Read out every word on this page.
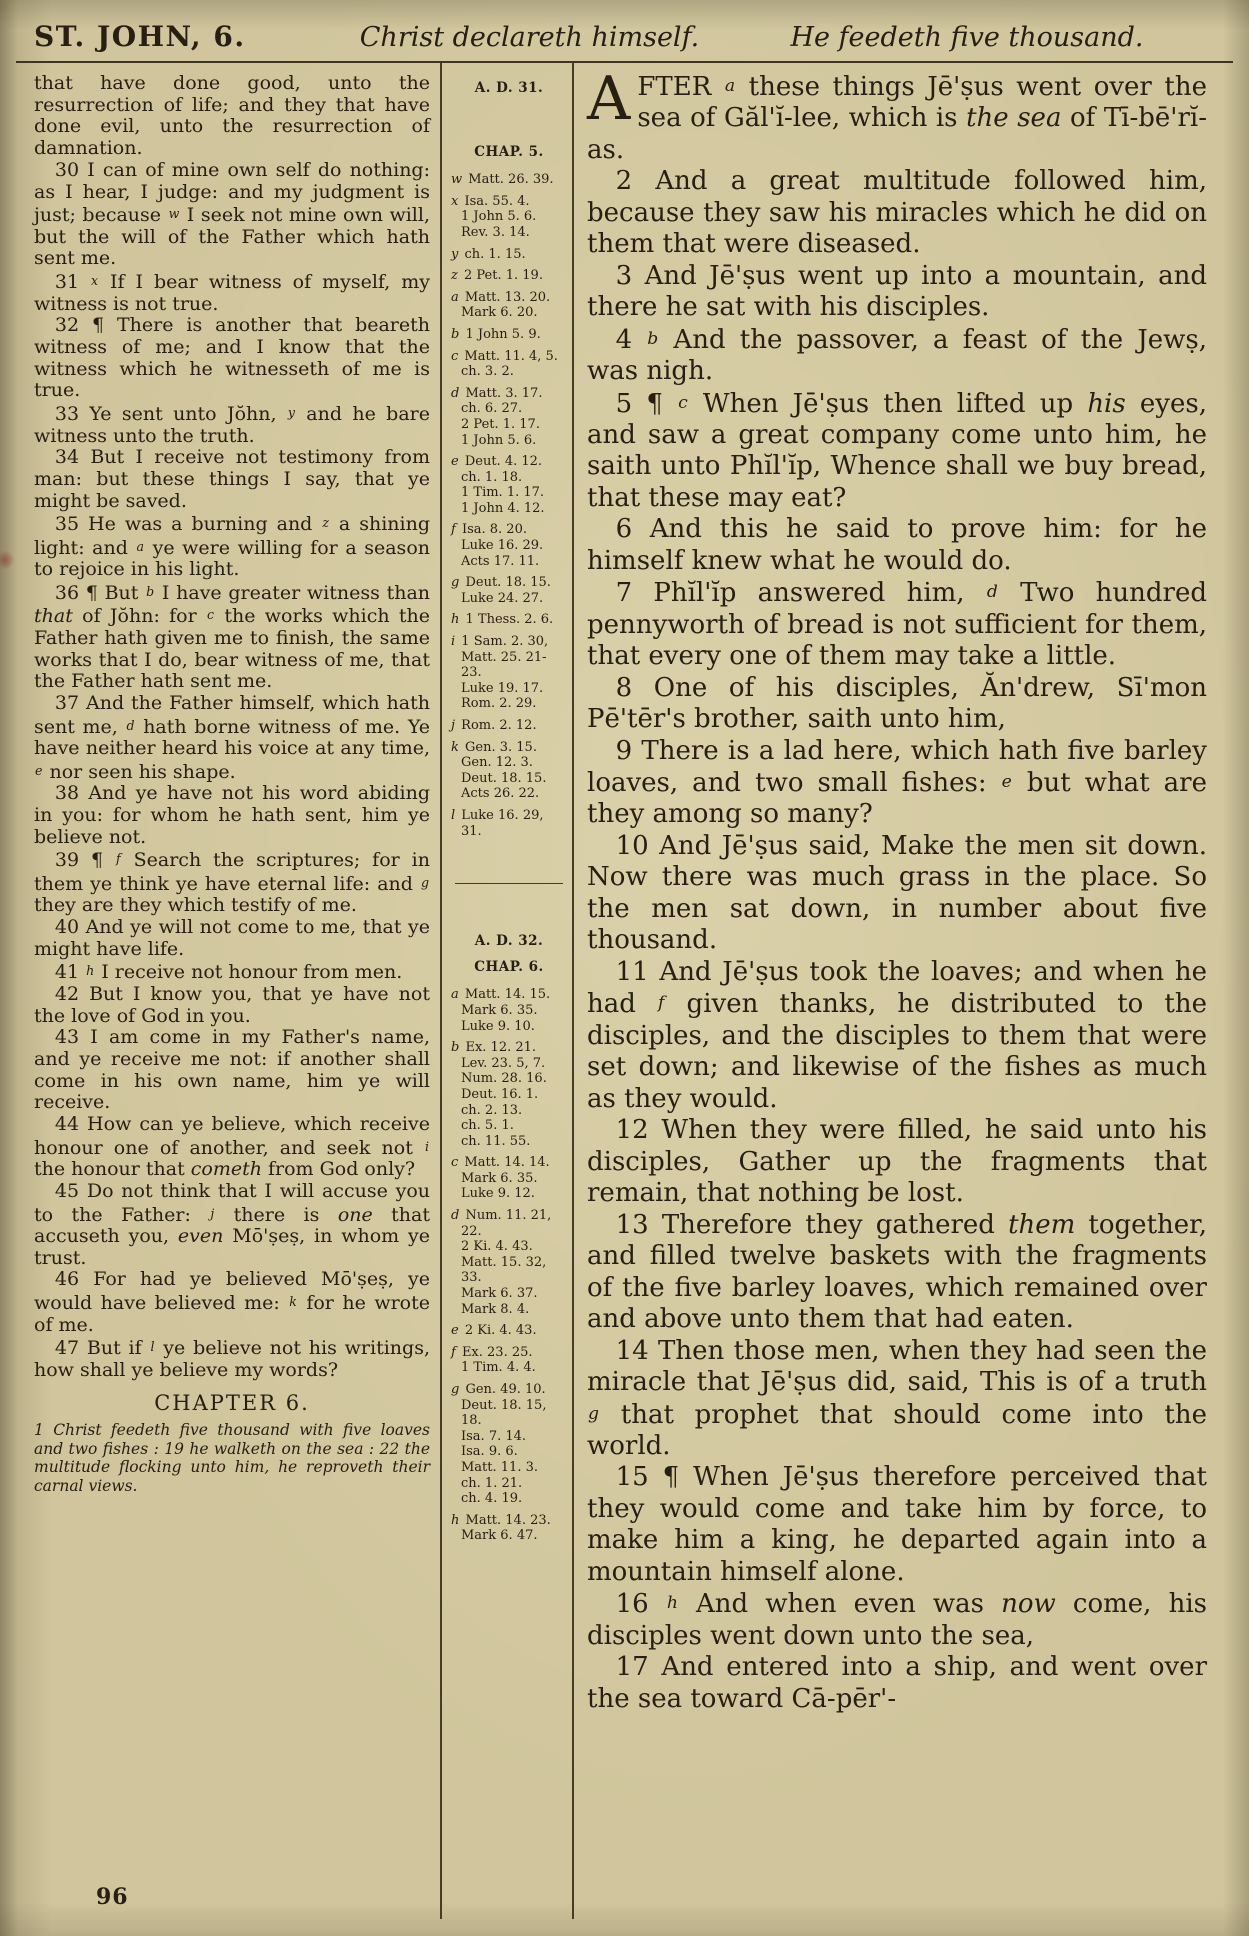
ST. JOHN, 6.	Christ declareth himself.	He feedeth five thousand.

that have done good, unto the resurrection of life; and they that have done evil, unto the resurrection of damnation.

30 I can of mine own self do nothing: as I hear, I judge: and my judgment is just; because w I seek not mine own will, but the will of the Father which hath sent me.

31 x If I bear witness of myself, my witness is not true.

32 ¶ There is another that beareth witness of me; and I know that the witness which he witnesseth of me is true.

33 Ye sent unto Jŏhn, y and he bare witness unto the truth.

34 But I receive not testimony from man: but these things I say, that ye might be saved.

35 He was a burning and z a shining light: and a ye were willing for a season to rejoice in his light.

36 ¶ But b I have greater witness than that of Jŏhn: for c the works which the Father hath given me to finish, the same works that I do, bear witness of me, that the Father hath sent me.

37 And the Father himself, which hath sent me, d hath borne witness of me. Ye have neither heard his voice at any time, e nor seen his shape.

38 And ye have not his word abiding in you: for whom he hath sent, him ye believe not.

39 ¶ f Search the scriptures; for in them ye think ye have eternal life: and g they are they which testify of me.

40 And ye will not come to me, that ye might have life.

41 h I receive not honour from men.

42 But I know you, that ye have not the love of God in you.

43 I am come in my Father's name, and ye receive me not: if another shall come in his own name, him ye will receive.

44 How can ye believe, which receive honour one of another, and seek not i the honour that cometh from God only?

45 Do not think that I will accuse you to the Father: j there is one that accuseth you, even Mō'ṣeṣ, in whom ye trust.

46 For had ye believed Mō'ṣeṣ, ye would have believed me: k for he wrote of me.

47 But if l ye believe not his writings, how shall ye believe my words?

CHAPTER 6.
1 Christ feedeth five thousand with five loaves and two fishes : 19 he walketh on the sea : 22 the multitude flocking unto him, he reproveth their carnal views.
A. D. 31.
CHAP. 5.
w Matt. 26. 39.
x Isa. 55. 4.
1 John 5. 6.
Rev. 3. 14.
y ch. 1. 15.
z 2 Pet. 1. 19.
a Matt. 13. 20.
Mark 6. 20.
b 1 John 5. 9.
c Matt. 11. 4, 5.
ch. 3. 2.
d Matt. 3. 17.
ch. 6. 27.
2 Pet. 1. 17.
1 John 5. 6.
e Deut. 4. 12.
ch. 1. 18.
1 Tim. 1. 17.
1 John 4. 12.
f Isa. 8. 20.
Luke 16. 29.
Acts 17. 11.
g Deut. 18. 15.
Luke 24. 27.
h 1 Thess. 2. 6.
i 1 Sam. 2. 30,
Matt. 25. 21-
23.
Luke 19. 17.
Rom. 2. 29.
j Rom. 2. 12.
k Gen. 3. 15.
Gen. 12. 3.
Deut. 18. 15.
Acts 26. 22.
l Luke 16. 29,
31.
A. D. 32.
CHAP. 6.
a Matt. 14. 15.
Mark 6. 35.
Luke 9. 10.
b Ex. 12. 21.
Lev. 23. 5, 7.
Num. 28. 16.
Deut. 16. 1.
ch. 2. 13.
ch. 5. 1.
ch. 11. 55.
c Matt. 14. 14.
Mark 6. 35.
Luke 9. 12.
d Num. 11. 21,
22.
2 Ki. 4. 43.
Matt. 15. 32,
33.
Mark 6. 37.
Mark 8. 4.
e 2 Ki. 4. 43.
f Ex. 23. 25.
1 Tim. 4. 4.
g Gen. 49. 10.
Deut. 18. 15,
18.
Isa. 7. 14.
Isa. 9. 6.
Matt. 11. 3.
ch. 1. 21.
ch. 4. 19.
h Matt. 14. 23.
Mark 6. 47.

AFTER a these things Jē'ṣus went over the sea of Găl'ĭ-lee, which is the sea of Tī-bē'rĭ-as.

2 And a great multitude followed him, because they saw his miracles which he did on them that were diseased.

3 And Jē'ṣus went up into a mountain, and there he sat with his disciples.

4 b And the passover, a feast of the Jewṣ, was nigh.

5 ¶ c When Jē'ṣus then lifted up his eyes, and saw a great company come unto him, he saith unto Phĭl'ĭp, Whence shall we buy bread, that these may eat?

6 And this he said to prove him: for he himself knew what he would do.

7 Phĭl'ĭp answered him, d Two hundred pennyworth of bread is not sufficient for them, that every one of them may take a little.

8 One of his disciples, Ăn'drew, Sī'mon Pē'tēr's brother, saith unto him,

9 There is a lad here, which hath five barley loaves, and two small fishes: e but what are they among so many?

10 And Jē'ṣus said, Make the men sit down. Now there was much grass in the place. So the men sat down, in number about five thousand.

11 And Jē'ṣus took the loaves; and when he had f given thanks, he distributed to the disciples, and the disciples to them that were set down; and likewise of the fishes as much as they would.

12 When they were filled, he said unto his disciples, Gather up the fragments that remain, that nothing be lost.

13 Therefore they gathered them together, and filled twelve baskets with the fragments of the five barley loaves, which remained over and above unto them that had eaten.

14 Then those men, when they had seen the miracle that Jē'ṣus did, said, This is of a truth g that prophet that should come into the world.

15 ¶ When Jē'ṣus therefore perceived that they would come and take him by force, to make him a king, he departed again into a mountain himself alone.

16 h And when even was now come, his disciples went down unto the sea,

17 And entered into a ship, and went over the sea toward Cā-pēr'-

96
